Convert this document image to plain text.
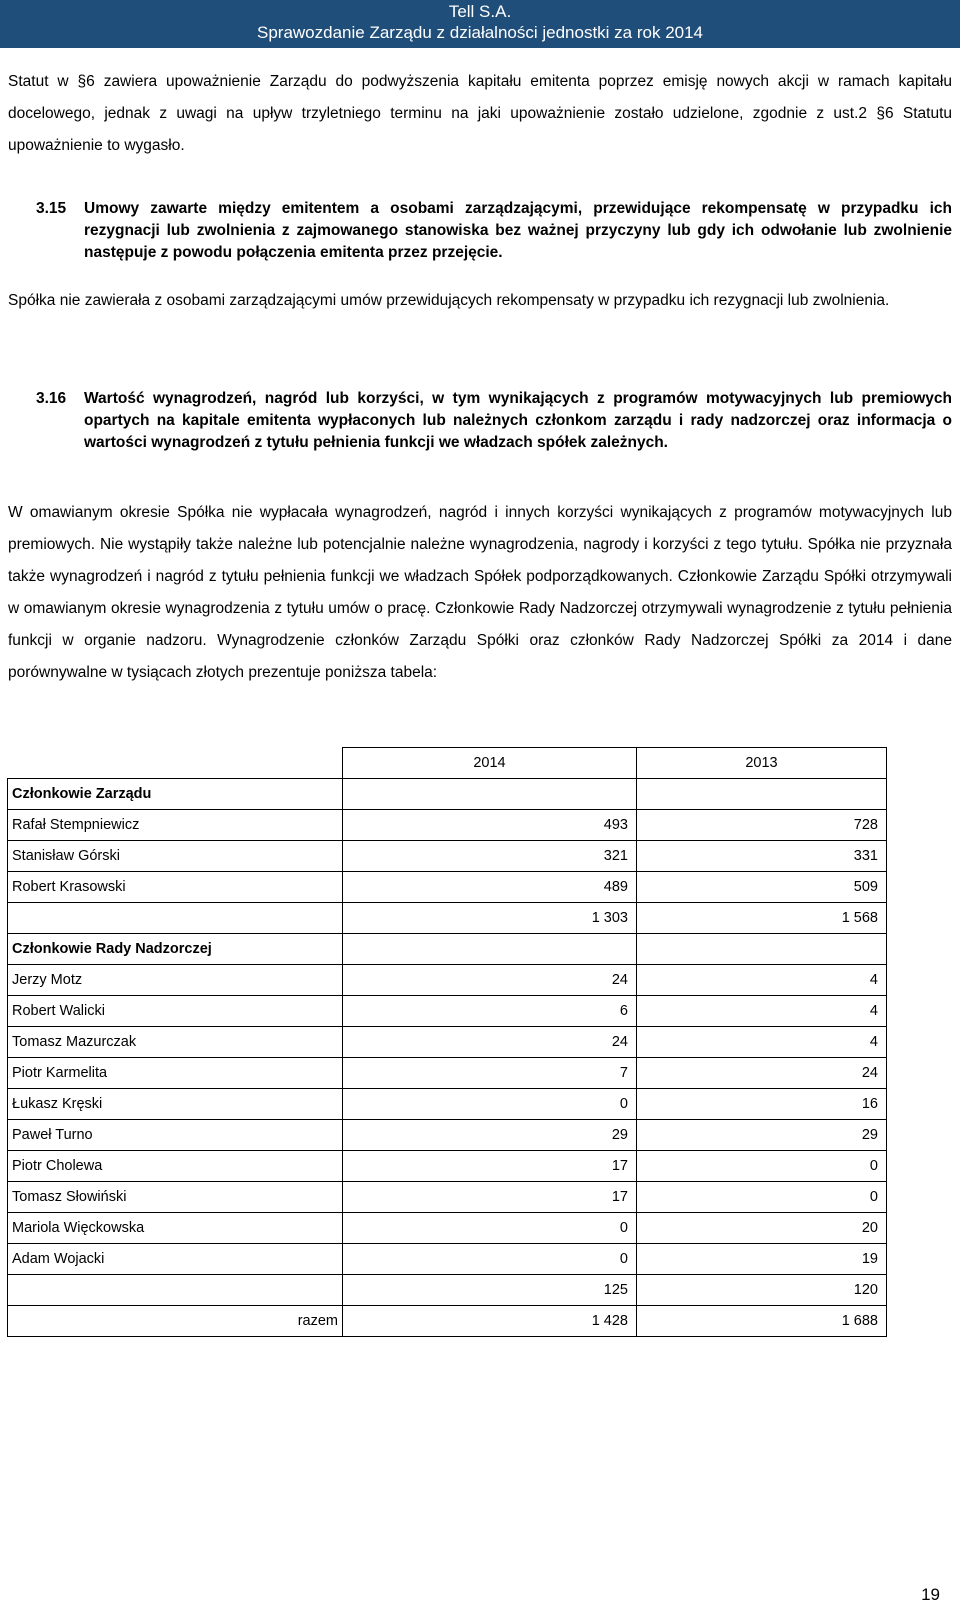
Tell S.A.
Sprawozdanie Zarządu z działalności jednostki za rok 2014
Statut w §6 zawiera upoważnienie Zarządu do podwyższenia kapitału emitenta poprzez emisję nowych akcji w ramach kapitału docelowego, jednak z uwagi na upływ trzyletniego terminu na jaki upoważnienie zostało udzielone, zgodnie z ust.2 §6 Statutu upoważnienie to wygasło.
3.15 Umowy zawarte między emitentem a osobami zarządzającymi, przewidujące rekompensatę w przypadku ich rezygnacji lub zwolnienia z zajmowanego stanowiska bez ważnej przyczyny lub gdy ich odwołanie lub zwolnienie następuje z powodu połączenia emitenta przez przejęcie.
Spółka nie zawierała z osobami zarządzającymi umów przewidujących rekompensaty w przypadku ich rezygnacji lub zwolnienia.
3.16 Wartość wynagrodzeń, nagród lub korzyści, w tym wynikających z programów motywacyjnych lub premiowych opartych na kapitale emitenta wypłaconych lub należnych członkom zarządu i rady nadzorczej oraz informacja o wartości wynagrodzeń z tytułu pełnienia funkcji we władzach spółek zależnych.
W omawianym okresie Spółka nie wypłacała wynagrodzeń, nagród i innych korzyści wynikających z programów motywacyjnych lub premiowych. Nie wystąpiły także należne lub potencjalnie należne wynagrodzenia, nagrody i korzyści z tego tytułu. Spółka nie przyznała także wynagrodzeń i nagród z tytułu pełnienia funkcji we władzach Spółek podporządkowanych. Członkowie Zarządu Spółki otrzymywali w omawianym okresie wynagrodzenia z tytułu umów o pracę. Członkowie Rady Nadzorczej otrzymywali wynagrodzenie z tytułu pełnienia funkcji w organie nadzoru. Wynagrodzenie członków Zarządu Spółki oraz członków Rady Nadzorczej Spółki za 2014 i dane porównywalne w tysiącach złotych prezentuje poniższa tabela:
	2014	2013
Członkowie Zarządu		
Rafał Stempniewicz	493	728
Stanisław Górski	321	331
Robert Krasowski	489	509
	1 303	1 568
Członkowie Rady Nadzorczej		
Jerzy Motz	24	4
Robert Walicki	6	4
Tomasz Mazurczak	24	4
Piotr Karmelita	7	24
Łukasz Kręski	0	16
Paweł Turno	29	29
Piotr Cholewa	17	0
Tomasz Słowiński	17	0
Mariola Więckowska	0	20
Adam Wojacki	0	19
	125	120
razem	1 428	1 688
19
